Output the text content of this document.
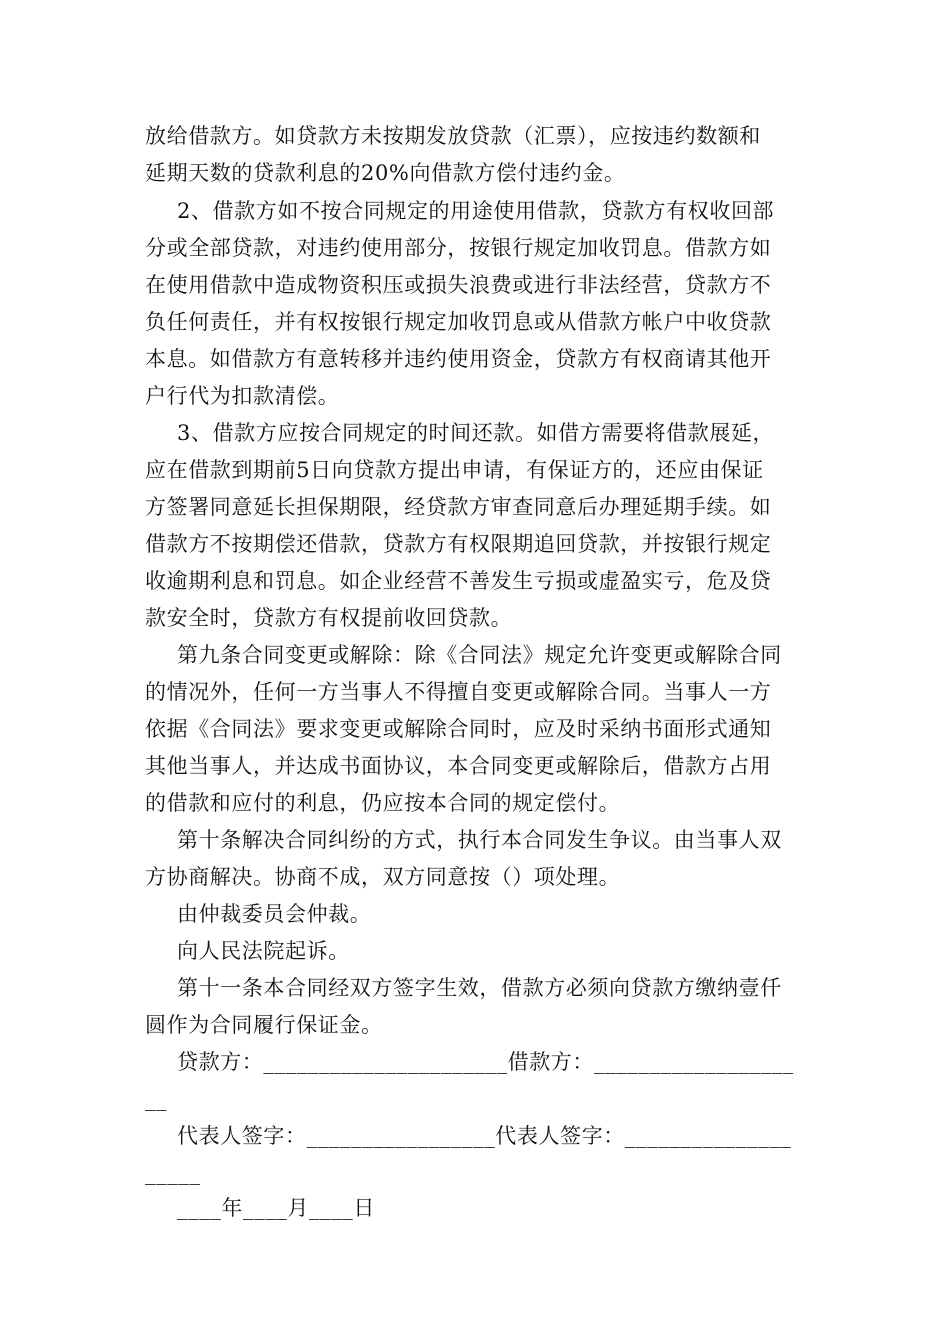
放给借款方。如贷款方未按期发放贷款（汇票），应按违约数额和
延期天数的贷款利息的20%向借款方偿付违约金。
2、借款方如不按合同规定的用途使用借款，贷款方有权收回部
分或全部贷款，对违约使用部分，按银行规定加收罚息。借款方如
在使用借款中造成物资积压或损失浪费或进行非法经营，贷款方不
负任何责任，并有权按银行规定加收罚息或从借款方帐户中收贷款
本息。如借款方有意转移并违约使用资金，贷款方有权商请其他开
户行代为扣款清偿。
3、借款方应按合同规定的时间还款。如借方需要将借款展延，
应在借款到期前5日向贷款方提出申请，有保证方的，还应由保证
方签署同意延长担保期限，经贷款方审查同意后办理延期手续。如
借款方不按期偿还借款，贷款方有权限期追回贷款，并按银行规定
收逾期利息和罚息。如企业经营不善发生亏损或虚盈实亏，危及贷
款安全时，贷款方有权提前收回贷款。
第九条合同变更或解除：除《合同法》规定允许变更或解除合同
的情况外，任何一方当事人不得擅自变更或解除合同。当事人一方
依据《合同法》要求变更或解除合同时，应及时采纳书面形式通知
其他当事人，并达成书面协议，本合同变更或解除后，借款方占用
的借款和应付的利息，仍应按本合同的规定偿付。
第十条解决合同纠纷的方式，执行本合同发生争议。由当事人双
方协商解决。协商不成，双方同意按（）项处理。
由仲裁委员会仲裁。
向人民法院起诉。
第十一条本合同经双方签字生效，借款方必须向贷款方缴纳壹仟
圆作为合同履行保证金。
贷款方：______________________借款方：__________________
__
代表人签字：_________________代表人签字：_______________
_____
____年____月____日
